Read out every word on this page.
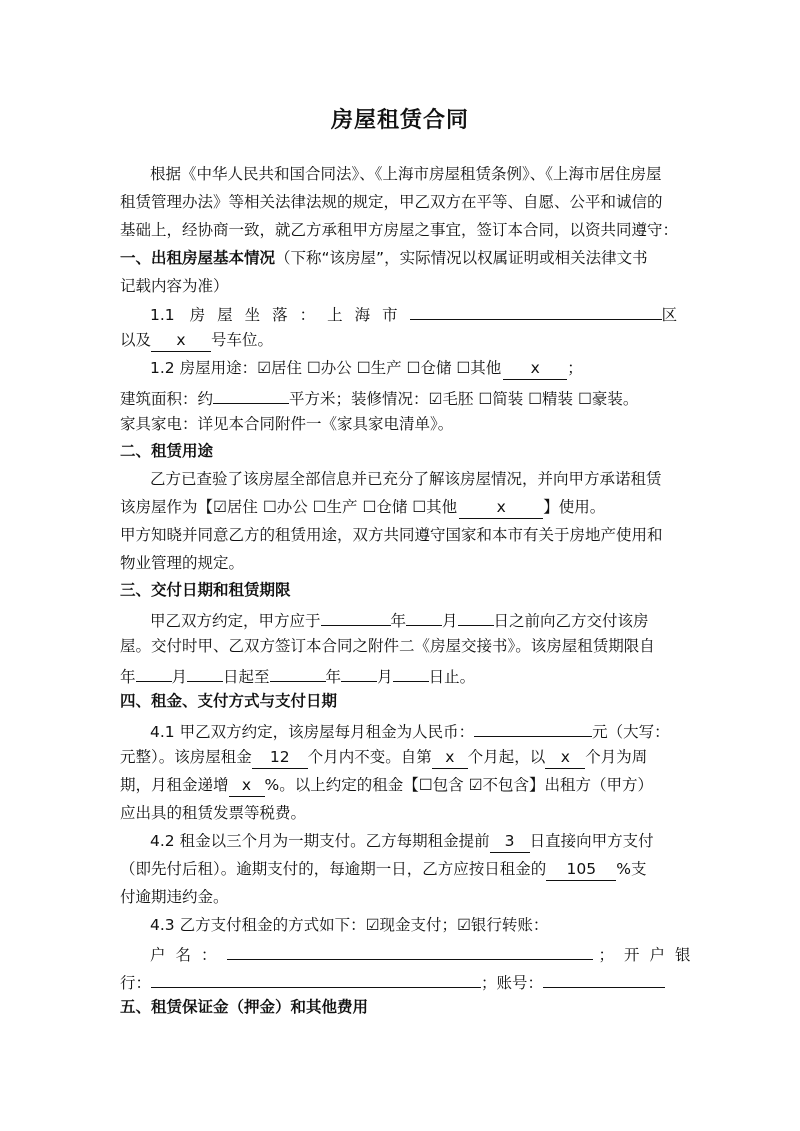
房屋租赁合同
根据《中华人民共和国合同法》、《上海市房屋租赁条例》、《上海市居住房屋
租赁管理办法》等相关法律法规的规定，甲乙双方在平等、自愿、公平和诚信的
基础上，经协商一致，就乙方承租甲方房屋之事宜，签订本合同，以资共同遵守：
一、出租房屋基本情况（下称“该房屋”，实际情况以权属证明或相关法律文书
记载内容为准）
1.1 房屋坐落：上海市	区
以及 x 号车位。
1.2 房屋用途：☑居住 ☐办公 ☐生产 ☐仓储 ☐其他 x ；
建筑面积：约	平方米；装修情况：☑毛胚 ☐简装 ☐精装 ☐豪装。
家具家电：详见本合同附件一《家具家电清单》。
二、租赁用途
乙方已查验了该房屋全部信息并已充分了解该房屋情况，并向甲方承诺租赁
该房屋作为【☑居住 ☐办公 ☐生产 ☐仓储 ☐其他	x 】使用。
甲方知晓并同意乙方的租赁用途，双方共同遵守国家和本市有关于房地产使用和
物业管理的规定。
三、交付日期和租赁期限
甲乙双方约定，甲方应于	年 月 日之前向乙方交付该房
屋。交付时甲、乙双方签订本合同之附件二《房屋交接书》。该房屋租赁期限自
年 月 日起至	年 月 日止。
四、租金、支付方式与支付日期
4.1 甲乙双方约定，该房屋每月租金为人民币：	元（大写：
元整）。该房屋租金 12 个月内不变。自第 x 个月起，以 x 个月为周
期，月租金递增 x %。以上约定的租金【☐包含 ☑不包含】出租方（甲方）
应出具的租赁发票等税费。
4.2 租金以三个月为一期支付。乙方每期租金提前 3 日直接向甲方支付
（即先付后租）。逾期支付的，每逾期一日，乙方应按日租金的 105 %支
付逾期违约金。
4.3 乙方支付租金的方式如下：☑现金支付；☑银行转账：
户名：	；开户银
行：	；账号：
五、租赁保证金（押金）和其他费用
